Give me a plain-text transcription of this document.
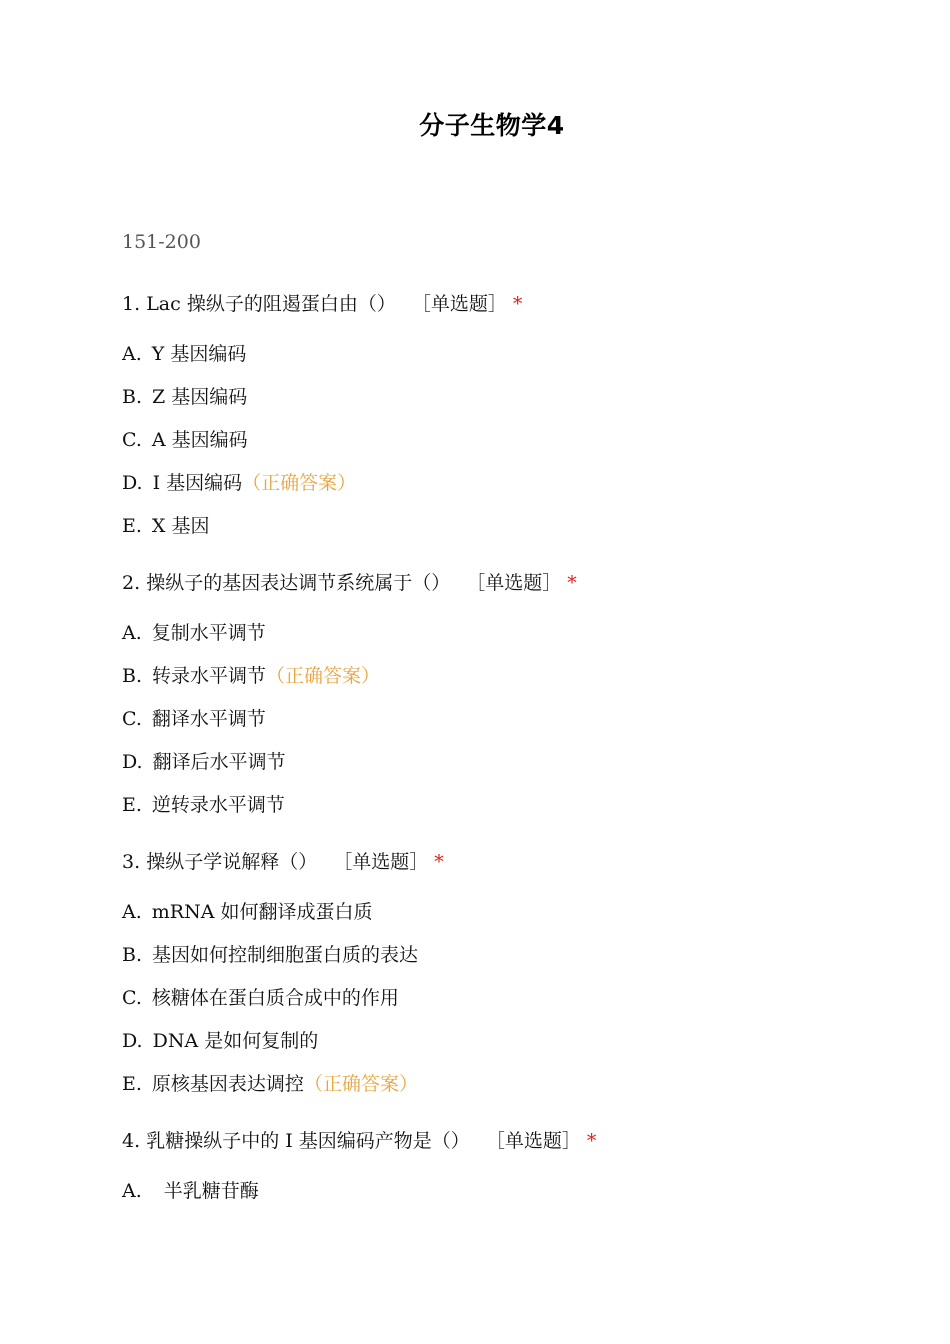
分子生物学4
151-200
1. Lac 操纵子的阻遏蛋白由（） ［单选题］ *
A. Y 基因编码
B. Z 基因编码
C. A 基因编码
D. I 基因编码（正确答案）
E. X 基因
2. 操纵子的基因表达调节系统属于（） ［单选题］ *
A. 复制水平调节
B. 转录水平调节（正确答案）
C. 翻译水平调节
D. 翻译后水平调节
E. 逆转录水平调节
3. 操纵子学说解释（） ［单选题］ *
A. mRNA 如何翻译成蛋白质
B. 基因如何控制细胞蛋白质的表达
C. 核糖体在蛋白质合成中的作用
D. DNA 是如何复制的
E. 原核基因表达调控（正确答案）
4. 乳糖操纵子中的 I 基因编码产物是（） ［单选题］ *
A. 半乳糖苷酶
